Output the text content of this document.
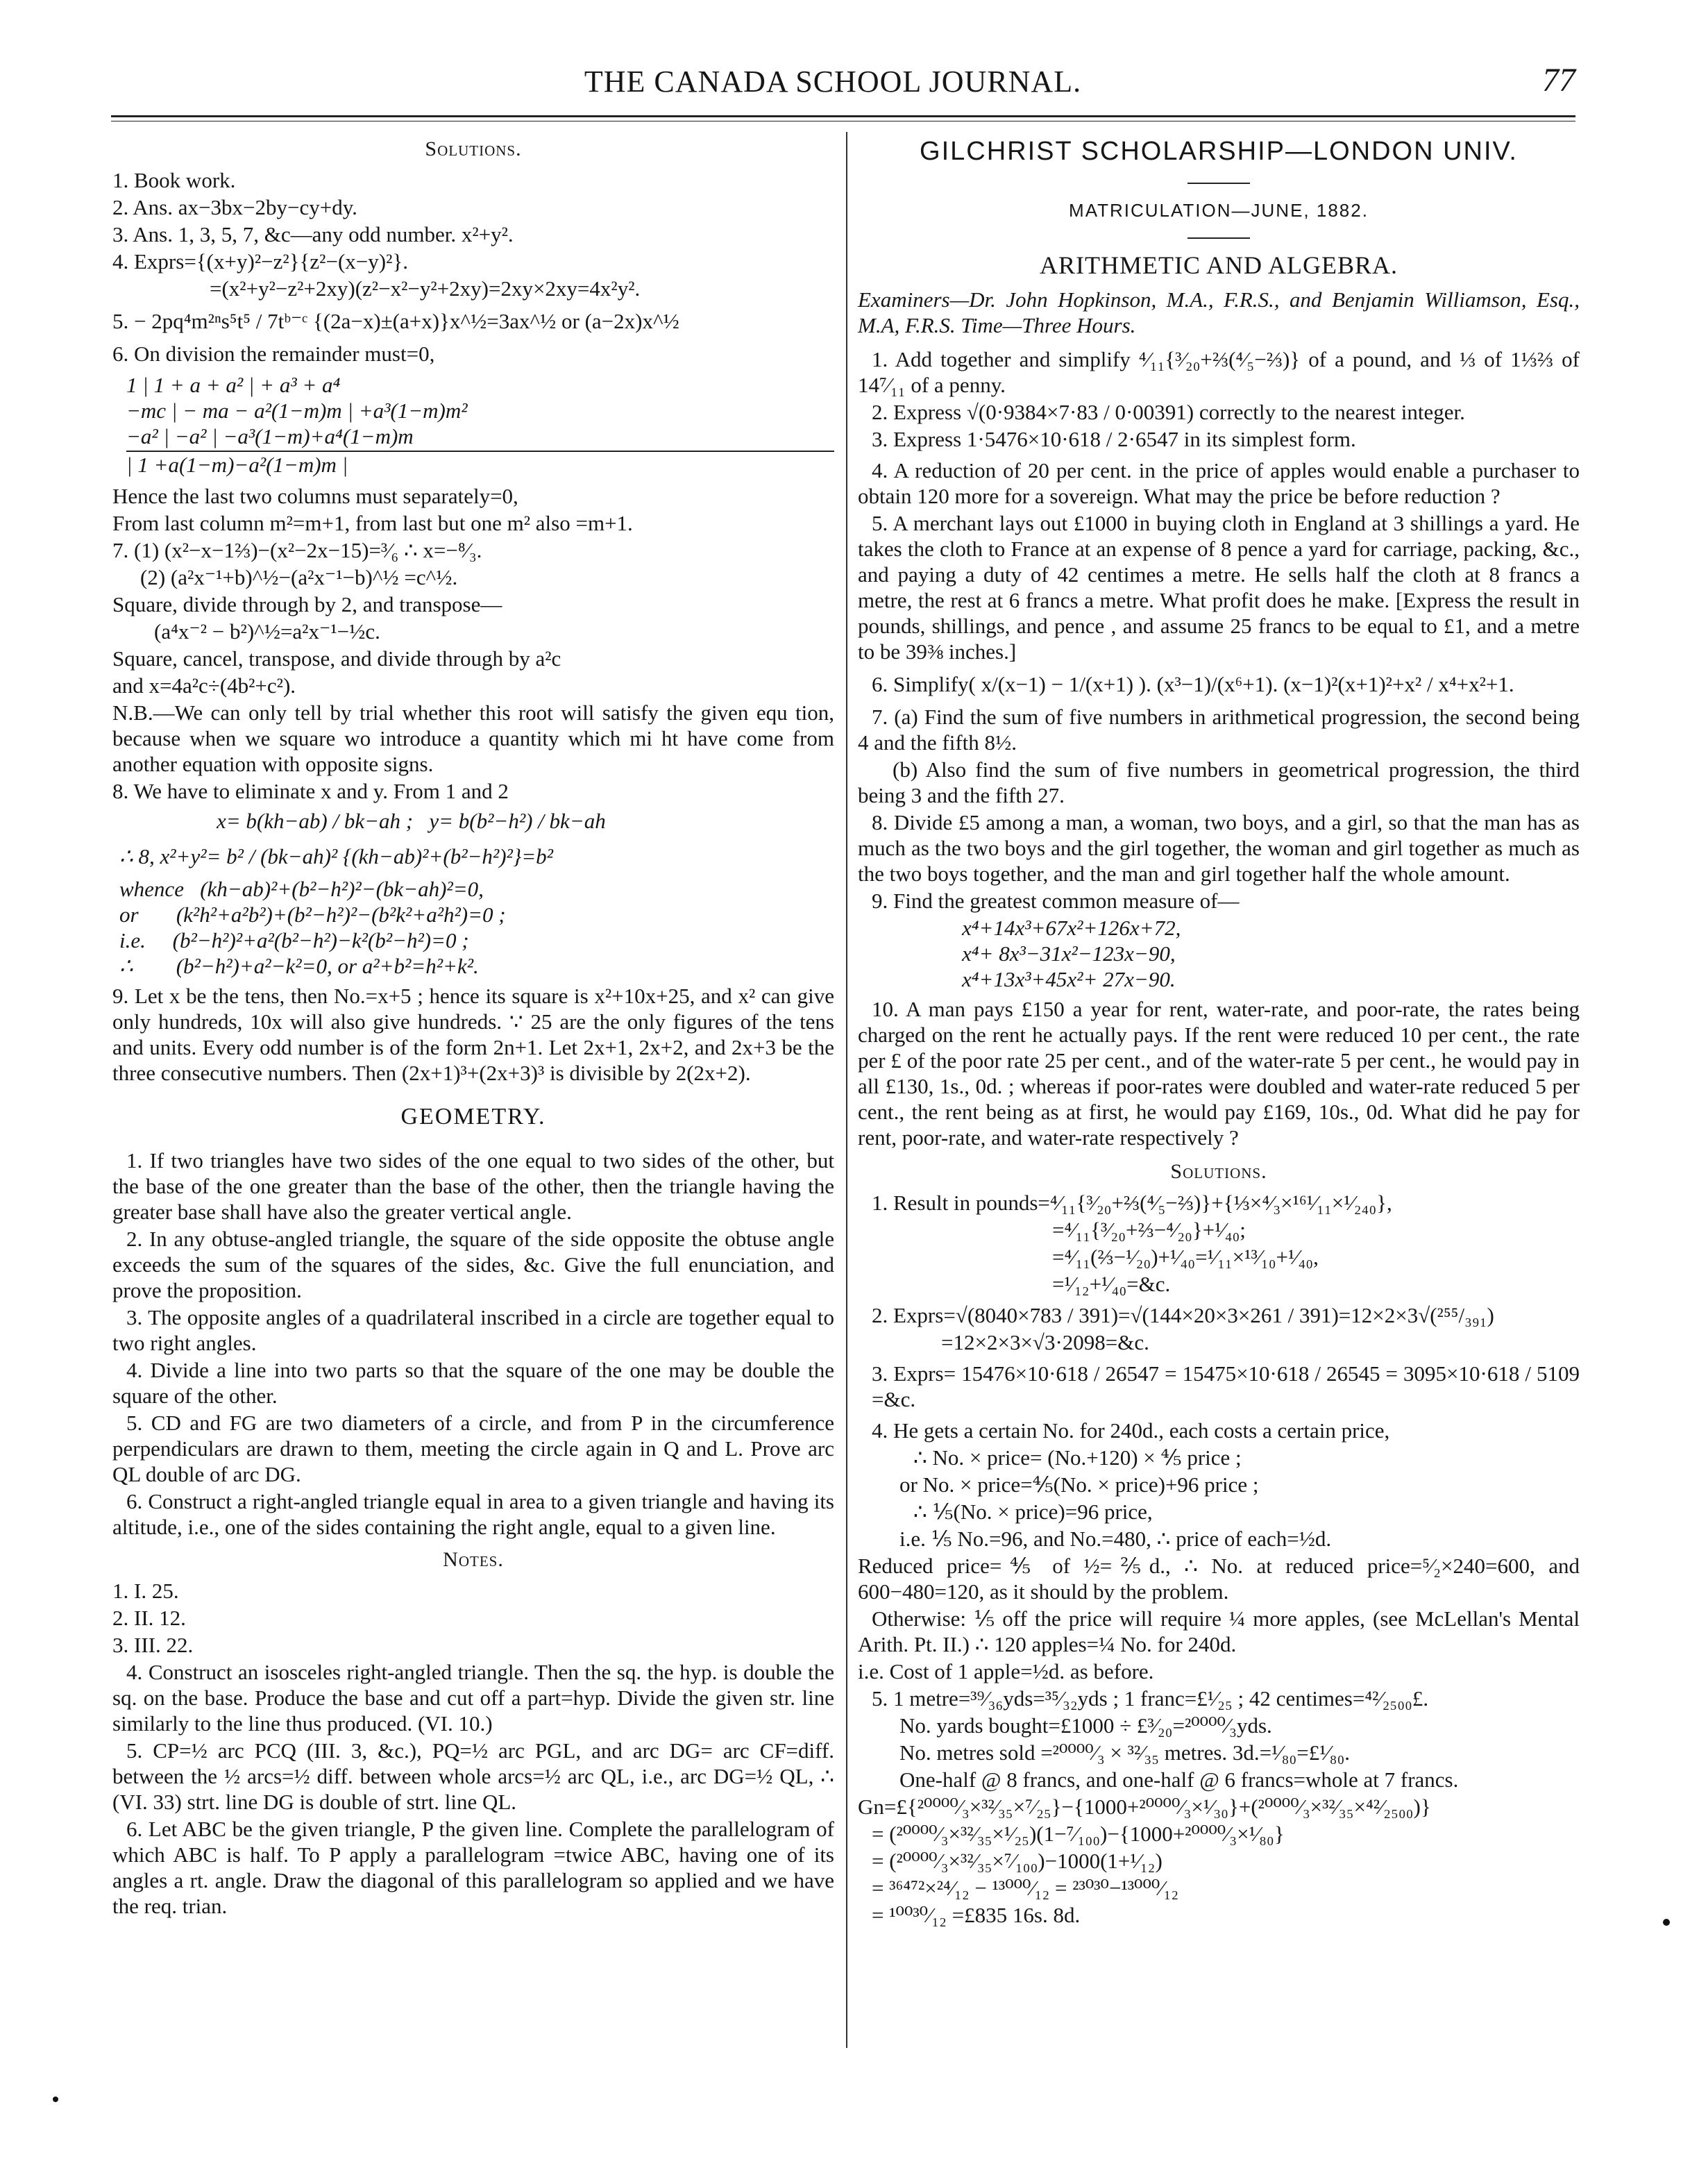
THE CANADA SCHOOL JOURNAL.	77
Solutions.

1. Book work.

2. Ans. ax−3bx−2by−cy+dy.

3. Ans. 1, 3, 5, 7, &c—any odd number. x²+y².

4. Exprs={(x+y)²−z²}{z²−(x−y)²}.

=(x²+y²−z²+2xy)(z²−x²−y²+2xy)=2xy×2xy=4x²y².

5. − 2pq⁴m²ⁿs⁵t⁵ / 7tᵇ⁻ᶜ {(2a−x)±(a+x)}x^½=3ax^½ or (a−2x)x^½

6. On division the remainder must=0,

1 | 1 + a + a² | + a³ + a⁴
−mc | − ma − a²(1−m)m | +a³(1−m)m²
−a² | −a² | −a³(1−m)+a⁴(1−m)m
| 1 +a(1−m)−a²(1−m)m |

Hence the last two columns must separately=0,

From last column m²=m+1, from last but one m² also =m+1.

7. (1) (x²−x−1⅔)−(x²−2x−15)=³⁄₆ ∴ x=−⁸⁄₃.

(2) (a²x⁻¹+b)^½−(a²x⁻¹−b)^½ =c^½.

Square, divide through by 2, and transpose—

(a⁴x⁻² − b²)^½=a²x⁻¹−½c.

Square, cancel, transpose, and divide through by a²c

and x=4a²c÷(4b²+c²).

N.B.—We can only tell by trial whether this root will satisfy the given equ tion, because when we square wo introduce a quantity which mi ht have come from another equation with opposite signs.

8. We have to eliminate x and y. From 1 and 2

x= b(kh−ab) / bk−ah ;   y= b(b²−h²) / bk−ah
∴ 8, x²+y²= b² / (bk−ah)² {(kh−ab)²+(b²−h²)²}=b²
whence   (kh−ab)²+(b²−h²)²−(bk−ah)²=0,
or       (k²h²+a²b²)+(b²−h²)²−(b²k²+a²h²)=0 ;
i.e.     (b²−h²)²+a²(b²−h²)−k²(b²−h²)=0 ;
∴        (b²−h²)+a²−k²=0, or a²+b²=h²+k².

9. Let x be the tens, then No.=x+5 ; hence its square is x²+10x+25, and x² can give only hundreds, 10x will also give hundreds. ∵ 25 are the only figures of the tens and units. Every odd number is of the form 2n+1. Let 2x+1, 2x+2, and 2x+3 be the three consecutive numbers. Then (2x+1)³+(2x+3)³ is divisible by 2(2x+2).

GEOMETRY.

1. If two triangles have two sides of the one equal to two sides of the other, but the base of the one greater than the base of the other, then the triangle having the greater base shall have also the greater vertical angle.

2. In any obtuse-angled triangle, the square of the side opposite the obtuse angle exceeds the sum of the squares of the sides, &c. Give the full enunciation, and prove the proposition.

3. The opposite angles of a quadrilateral inscribed in a circle are together equal to two right angles.

4. Divide a line into two parts so that the square of the one may be double the square of the other.

5. CD and FG are two diameters of a circle, and from P in the circumference perpendiculars are drawn to them, meeting the circle again in Q and L. Prove arc QL double of arc DG.

6. Construct a right-angled triangle equal in area to a given triangle and having its altitude, i.e., one of the sides containing the right angle, equal to a given line.

Notes.

1. I. 25.

2. II. 12.

3. III. 22.

4. Construct an isosceles right-angled triangle. Then the sq. the hyp. is double the sq. on the base. Produce the base and cut off a part=hyp. Divide the given str. line similarly to the line thus produced. (VI. 10.)

5. CP=½ arc PCQ (III. 3, &c.), PQ=½ arc PGL, and arc DG= arc CF=diff. between the ½ arcs=½ diff. between whole arcs=½ arc QL, i.e., arc DG=½ QL, ∴ (VI. 33) strt. line DG is double of strt. line QL.

6. Let ABC be the given triangle, P the given line. Complete the parallelogram of which ABC is half. To P apply a parallelogram =twice ABC, having one of its angles a rt. angle. Draw the diagonal of this parallelogram so applied and we have the req. trian.

GILCHRIST SCHOLARSHIP—LONDON UNIV.
MATRICULATION—JUNE, 1882.
ARITHMETIC AND ALGEBRA.

Examiners—Dr. John Hopkinson, M.A., F.R.S., and Benjamin Williamson, Esq., M.A, F.R.S. Time—Three Hours.

1. Add together and simplify ⁴⁄₁₁{³⁄₂₀+⅔(⁴⁄₅−⅔)} of a pound, and ⅓ of 1⅓⅔ of 14⁷⁄₁₁ of a penny.

2. Express √(0·9384×7·83 / 0·00391) correctly to the nearest integer.

3. Express 1·5476×10·618 / 2·6547 in its simplest form.

4. A reduction of 20 per cent. in the price of apples would enable a purchaser to obtain 120 more for a sovereign. What may the price be before reduction ?

5. A merchant lays out £1000 in buying cloth in England at 3 shillings a yard. He takes the cloth to France at an expense of 8 pence a yard for carriage, packing, &c., and paying a duty of 42 centimes a metre. He sells half the cloth at 8 francs a metre, the rest at 6 francs a metre. What profit does he make. [Express the result in pounds, shillings, and pence , and assume 25 francs to be equal to £1, and a metre to be 39⅜ inches.]

6. Simplify( x/(x−1) − 1/(x+1) ). (x³−1)/(x⁶+1). (x−1)²(x+1)²+x² / x⁴+x²+1.

7. (a) Find the sum of five numbers in arithmetical progression, the second being 4 and the fifth 8½.

(b) Also find the sum of five numbers in geometrical progression, the third being 3 and the fifth 27.

8. Divide £5 among a man, a woman, two boys, and a girl, so that the man has as much as the two boys and the girl together, the woman and girl together as much as the two boys together, and the man and girl together half the whole amount.

9. Find the greatest common measure of—

x⁴+14x³+67x²+126x+72,
x⁴+ 8x³−31x²−123x−90,
x⁴+13x³+45x²+ 27x−90.

10. A man pays £150 a year for rent, water-rate, and poor-rate, the rates being charged on the rent he actually pays. If the rent were reduced 10 per cent., the rate per £ of the poor rate 25 per cent., and of the water-rate 5 per cent., he would pay in all £130, 1s., 0d. ; whereas if poor-rates were doubled and water-rate reduced 5 per cent., the rent being as at first, he would pay £169, 10s., 0d. What did he pay for rent, poor-rate, and water-rate respectively ?

Solutions.

1. Result in pounds=⁴⁄₁₁{³⁄₂₀+⅔(⁴⁄₅−⅔)}+{⅓×⁴⁄₃×¹⁶¹⁄₁₁×¹⁄₂₄₀},

=⁴⁄₁₁{³⁄₂₀+⅔−⁴⁄₂₀}+¹⁄₄₀;

=⁴⁄₁₁(⅔−¹⁄₂₀)+¹⁄₄₀=¹⁄₁₁×¹³⁄₁₀+¹⁄₄₀,

=¹⁄₁₂+¹⁄₄₀=&c.

2. Exprs=√(8040×783 / 391)=√(144×20×3×261 / 391)=12×2×3√(²⁵⁵/₃₉₁)

=12×2×3×√3·2098=&c.

3. Exprs= 15476×10·618 / 26547 = 15475×10·618 / 26545 = 3095×10·618 / 5109 =&c.

4. He gets a certain No. for 240d., each costs a certain price,

∴ No. × price= (No.+120) × ⅘ price ;

or No. × price=⅘(No. × price)+96 price ;

∴ ⅕(No. × price)=96 price,

i.e. ⅕ No.=96, and No.=480, ∴ price of each=½d.

Reduced price=⅘ of ½=⅖d., ∴ No. at reduced price=⁵⁄₂×240=600, and 600−480=120, as it should by the problem.

Otherwise: ⅕ off the price will require ¼ more apples, (see McLellan's Mental Arith. Pt. II.) ∴ 120 apples=¼ No. for 240d.

i.e. Cost of 1 apple=½d. as before.

5. 1 metre=³⁹⁄₃₆yds=³⁵⁄₃₂yds ; 1 franc=£¹⁄₂₅ ; 42 centimes=⁴²⁄₂₅₀₀£.

No. yards bought=£1000 ÷ £³⁄₂₀=²⁰⁰⁰⁰⁄₃yds.

No. metres sold =²⁰⁰⁰⁰⁄₃ × ³²⁄₃₅ metres. 3d.=¹⁄₈₀=£¹⁄₈₀.

One-half @ 8 francs, and one-half @ 6 francs=whole at 7 francs.

Gn=£{²⁰⁰⁰⁰⁄₃×³²⁄₃₅×⁷⁄₂₅}−{1000+²⁰⁰⁰⁰⁄₃×¹⁄₃₀}+(²⁰⁰⁰⁰⁄₃×³²⁄₃₅×⁴²⁄₂₅₀₀)}

= (²⁰⁰⁰⁰⁄₃×³²⁄₃₅×¹⁄₂₅)(1−⁷⁄₁₀₀)−{1000+²⁰⁰⁰⁰⁄₃×¹⁄₈₀}

= (²⁰⁰⁰⁰⁄₃×³²⁄₃₅×⁷⁄₁₀₀)−1000(1+¹⁄₁₂)

= ³⁶⁴⁷²×²⁴⁄₁₂ − ¹³⁰⁰⁰⁄₁₂ = ²³⁰³⁰−¹³⁰⁰⁰⁄₁₂

= ¹⁰⁰³⁰⁄₁₂ =£835 16s. 8d.
